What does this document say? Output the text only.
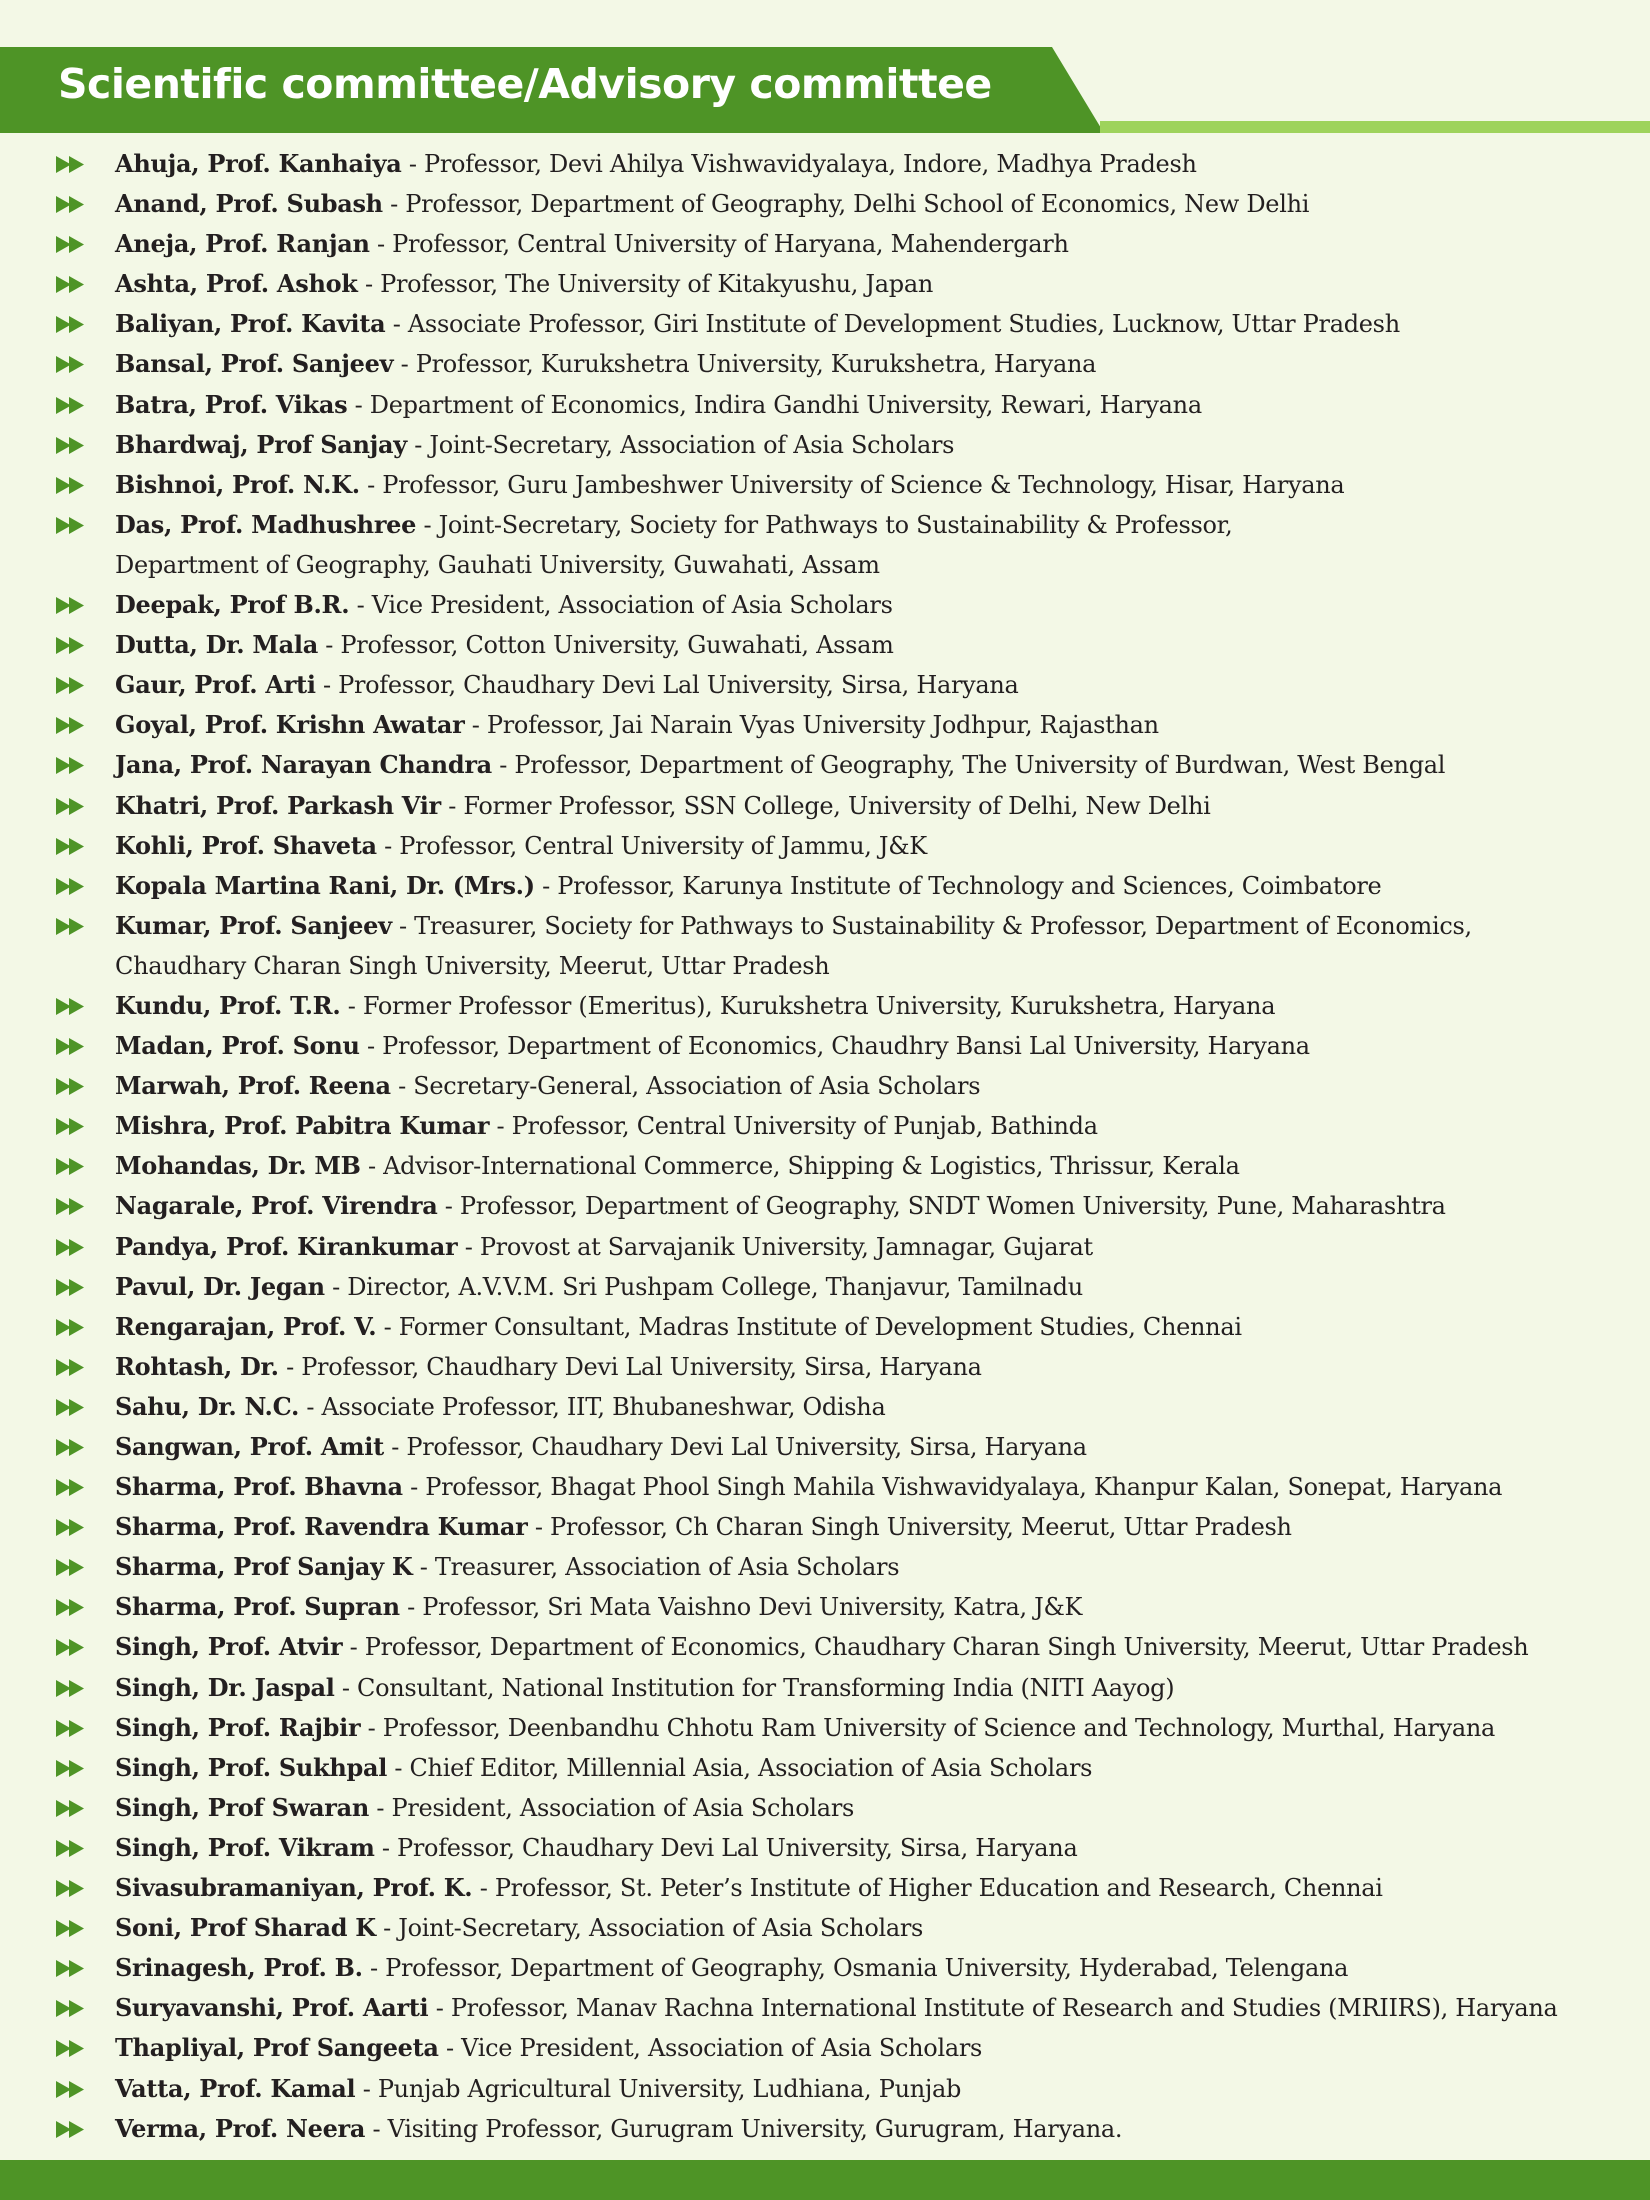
Scientific committee/Advisory committee
Ahuja, Prof. Kanhaiya - Professor, Devi Ahilya Vishwavidyalaya, Indore, Madhya Pradesh
Anand, Prof. Subash - Professor, Department of Geography, Delhi School of Economics, New Delhi
Aneja, Prof. Ranjan - Professor, Central University of Haryana, Mahendergarh
Ashta, Prof. Ashok - Professor, The University of Kitakyushu, Japan
Baliyan, Prof. Kavita - Associate Professor, Giri Institute of Development Studies, Lucknow, Uttar Pradesh
Bansal, Prof. Sanjeev - Professor, Kurukshetra University, Kurukshetra, Haryana
Batra, Prof. Vikas - Department of Economics, Indira Gandhi University, Rewari, Haryana
Bhardwaj, Prof Sanjay - Joint-Secretary, Association of Asia Scholars
Bishnoi, Prof. N.K. - Professor, Guru Jambeshwer University of Science & Technology, Hisar, Haryana
Das, Prof. Madhushree - Joint-Secretary, Society for Pathways to Sustainability & Professor,
Department of Geography, Gauhati University, Guwahati, Assam
Deepak, Prof B.R. - Vice President, Association of Asia Scholars
Dutta, Dr. Mala - Professor, Cotton University, Guwahati, Assam
Gaur, Prof. Arti - Professor, Chaudhary Devi Lal University, Sirsa, Haryana
Goyal, Prof. Krishn Awatar - Professor, Jai Narain Vyas University Jodhpur, Rajasthan
Jana, Prof. Narayan Chandra - Professor, Department of Geography, The University of Burdwan, West Bengal
Khatri, Prof. Parkash Vir - Former Professor, SSN College, University of Delhi, New Delhi
Kohli, Prof. Shaveta - Professor, Central University of Jammu, J&K
Kopala Martina Rani, Dr. (Mrs.) - Professor, Karunya Institute of Technology and Sciences, Coimbatore
Kumar, Prof. Sanjeev - Treasurer, Society for Pathways to Sustainability & Professor, Department of Economics,
Chaudhary Charan Singh University, Meerut, Uttar Pradesh
Kundu, Prof. T.R. - Former Professor (Emeritus), Kurukshetra University, Kurukshetra, Haryana
Madan, Prof. Sonu - Professor, Department of Economics, Chaudhry Bansi Lal University, Haryana
Marwah, Prof. Reena - Secretary-General, Association of Asia Scholars
Mishra, Prof. Pabitra Kumar - Professor, Central University of Punjab, Bathinda
Mohandas, Dr. MB - Advisor-International Commerce, Shipping & Logistics, Thrissur, Kerala
Nagarale, Prof. Virendra - Professor, Department of Geography, SNDT Women University, Pune, Maharashtra
Pandya, Prof. Kirankumar - Provost at Sarvajanik University, Jamnagar, Gujarat
Pavul, Dr. Jegan - Director, A.V.V.M. Sri Pushpam College, Thanjavur, Tamilnadu
Rengarajan, Prof. V. - Former Consultant, Madras Institute of Development Studies, Chennai
Rohtash, Dr. - Professor, Chaudhary Devi Lal University, Sirsa, Haryana
Sahu, Dr. N.C. - Associate Professor, IIT, Bhubaneshwar, Odisha
Sangwan, Prof. Amit - Professor, Chaudhary Devi Lal University, Sirsa, Haryana
Sharma, Prof. Bhavna - Professor, Bhagat Phool Singh Mahila Vishwavidyalaya, Khanpur Kalan, Sonepat, Haryana
Sharma, Prof. Ravendra Kumar - Professor, Ch Charan Singh University, Meerut, Uttar Pradesh
Sharma, Prof Sanjay K - Treasurer, Association of Asia Scholars
Sharma, Prof. Supran - Professor, Sri Mata Vaishno Devi University, Katra, J&K
Singh, Prof. Atvir - Professor, Department of Economics, Chaudhary Charan Singh University, Meerut, Uttar Pradesh
Singh, Dr. Jaspal - Consultant, National Institution for Transforming India (NITI Aayog)
Singh, Prof. Rajbir - Professor, Deenbandhu Chhotu Ram University of Science and Technology, Murthal, Haryana
Singh, Prof. Sukhpal - Chief Editor, Millennial Asia, Association of Asia Scholars
Singh, Prof Swaran - President, Association of Asia Scholars
Singh, Prof. Vikram - Professor, Chaudhary Devi Lal University, Sirsa, Haryana
Sivasubramaniyan, Prof. K. - Professor, St. Peter’s Institute of Higher Education and Research, Chennai
Soni, Prof Sharad K - Joint-Secretary, Association of Asia Scholars
Srinagesh, Prof. B. - Professor, Department of Geography, Osmania University, Hyderabad, Telengana
Suryavanshi, Prof. Aarti - Professor, Manav Rachna International Institute of Research and Studies (MRIIRS), Haryana
Thapliyal, Prof Sangeeta - Vice President, Association of Asia Scholars
Vatta, Prof. Kamal - Punjab Agricultural University, Ludhiana, Punjab
Verma, Prof. Neera - Visiting Professor, Gurugram University, Gurugram, Haryana.
